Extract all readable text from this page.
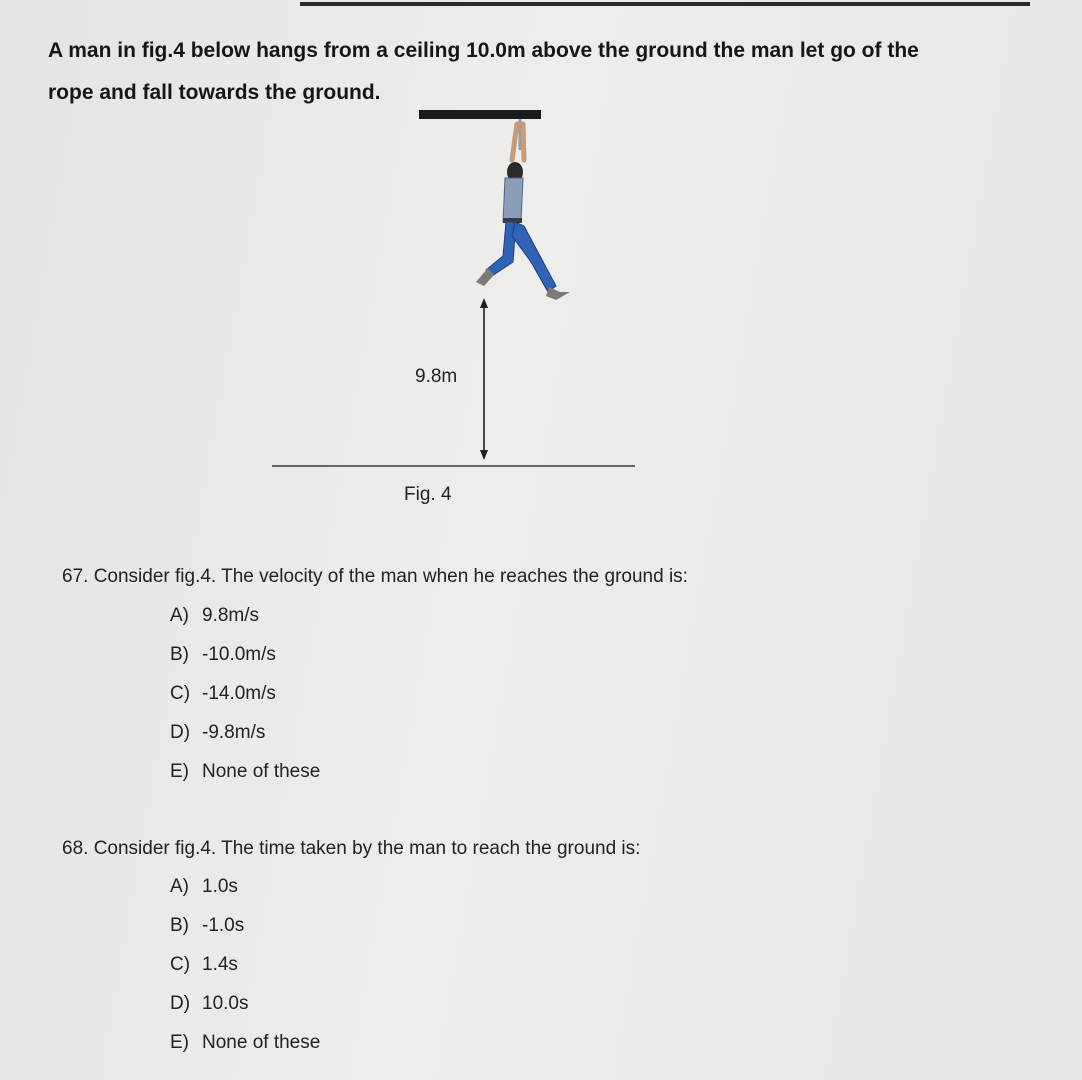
A man in fig.4 below hangs from a ceiling 10.0m above the ground the man let go of the
rope and fall towards the ground.
9.8m
Fig. 4
67. Consider fig.4. The velocity of the man when he reaches the ground is:
A) 9.8m/s
B) -10.0m/s
C) -14.0m/s
D) -9.8m/s
E) None of these
68. Consider fig.4. The time taken by the man to reach the ground is:
A) 1.0s
B) -1.0s
C) 1.4s
D) 10.0s
E) None of these
